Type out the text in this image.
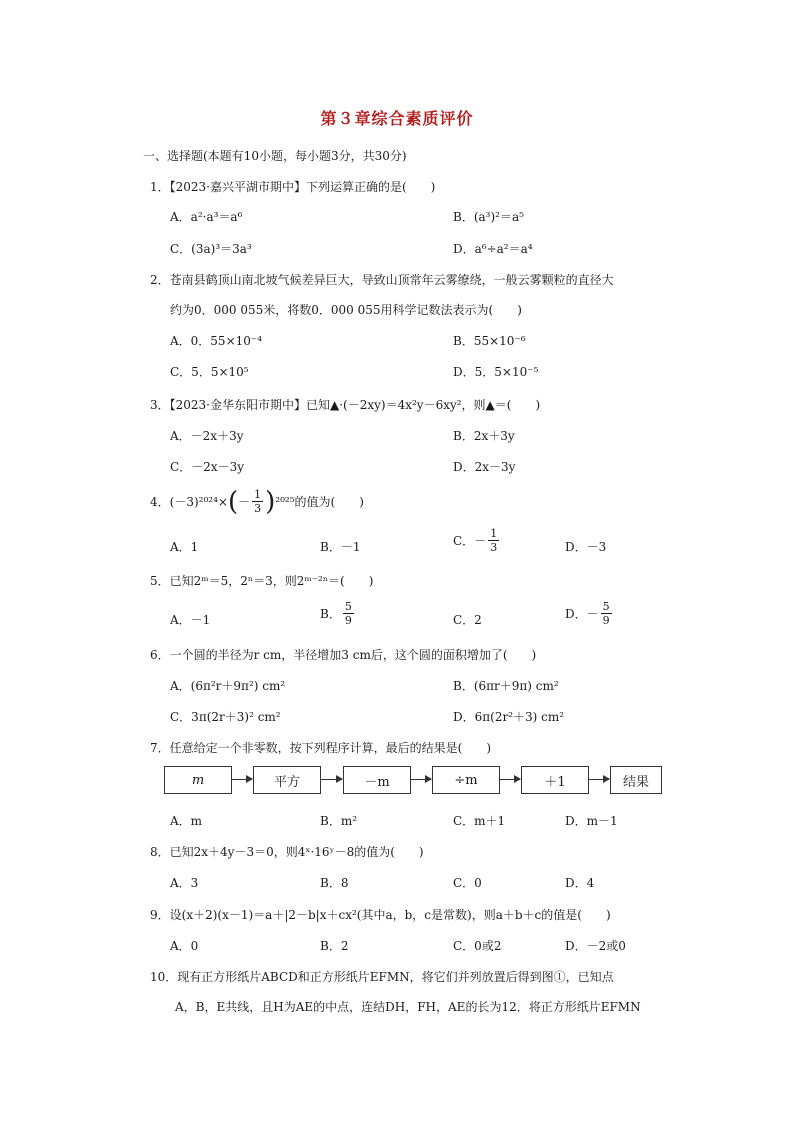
第３章综合素质评价
一、选择题(本题有10小题，每小题3分，共30分)
1．【2023·嘉兴平湖市期中】下列运算正确的是(　　)
A．a²·a³＝a⁶	B．(a³)²＝a⁵
C．(3a)³＝3a³	D．a⁶÷a²＝a⁴
2．苍南县鹤顶山南北坡气候差异巨大，导致山顶常年云雾缭绕，一般云雾颗粒的直径大
约为0．000 055米，将数0．000 055用科学记数法表示为(　　)
A．0．55×10⁻⁴	B．55×10⁻⁶
C．5．5×10⁵	D．5．5×10⁻⁵
3．【2023·金华东阳市期中】已知▲·(－2xy)＝4x²y－6xy²，则▲＝(　　)
A．－2x＋3y	B．2x＋3y
C．－2x－3y	D．2x－3y
4．(－3)²⁰²⁴× ( － $\frac{1}{3}$ ) ²⁰²⁵的值为(　　)
A．1	B．－1	C．－ $\frac{1}{3}$	D．－3
5．已知2ᵐ＝5，2ⁿ＝3，则2ᵐ⁻²ⁿ＝(　　)
A．－1	B． $\frac{5}{9}$	C．2	D．－ $\frac{5}{9}$
6．一个圆的半径为r cm，半径增加3 cm后，这个圆的面积增加了(　　)
A．(6π²r＋9π²) cm²	B．(6πr＋9π) cm²
C．3π(2r＋3)² cm²	D．6π(2r²＋3) cm²
7．任意给定一个非零数，按下列程序计算，最后的结果是(　　)
m	平方	－m	÷m	＋1	结果
A．m	B．m²	C．m＋1	D．m－1
8．已知2x＋4y－3＝0，则4ˣ·16ʸ－8的值为(　　)
A．3	B．8	C．0	D．4
9．设(x＋2)(x－1)＝a＋|2－b|x＋cx²(其中a，b，c是常数)，则a＋b＋c的值是(　　)
A．0	B．2	C．0或2	D．－2或0
10．现有正方形纸片ABCD和正方形纸片EFMN，将它们并列放置后得到图①，已知点
A，B，E共线，且H为AE的中点，连结DH，FH，AE的长为12．将正方形纸片EFMN
